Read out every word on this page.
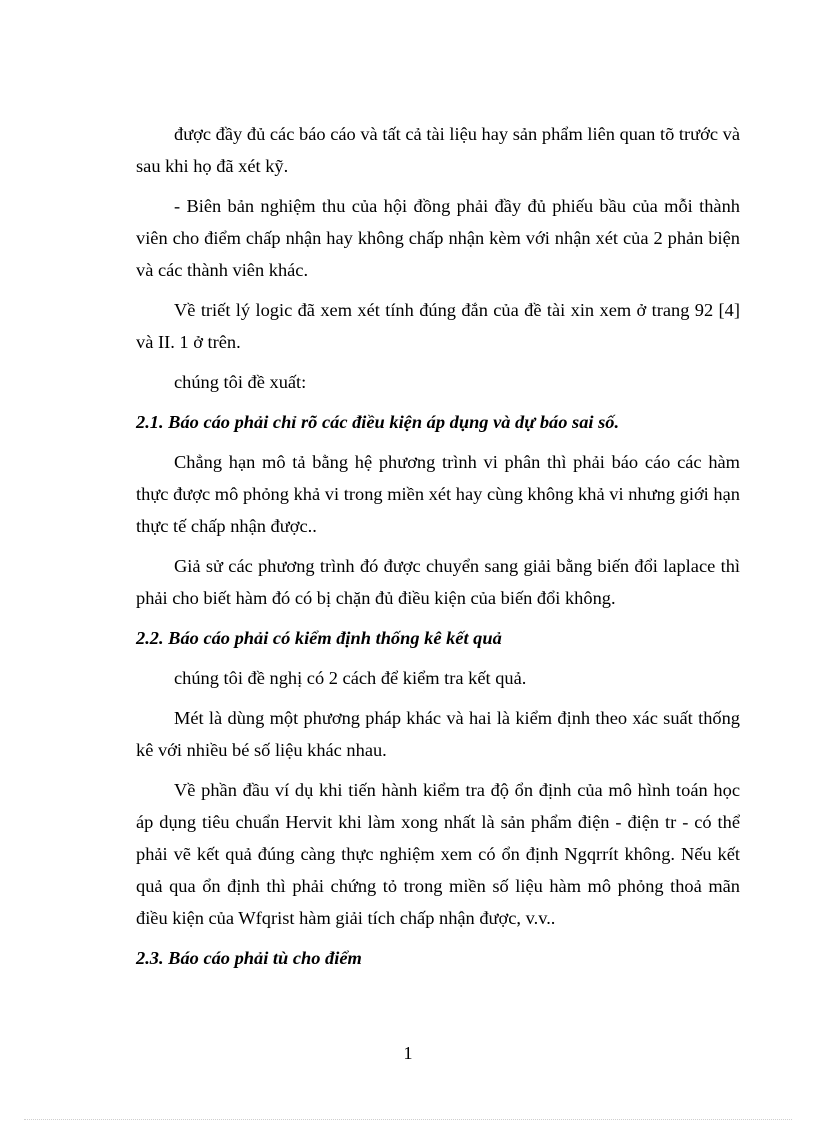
được đầy đủ các báo cáo và tất cả tài liệu hay sản phẩm liên quan tõ trước và sau khi họ đã xét kỹ.

- Biên bản nghiệm thu của hội đồng phải đầy đủ phiếu bầu của mỗi thành viên cho điểm chấp nhận hay không chấp nhận kèm với nhận xét của 2 phản biện và các thành viên khác.

Về triết lý logic đã xem xét tính đúng đắn của đề tài xin xem ở trang 92 [4] và II. 1 ở trên.

chúng tôi đề xuất:

2.1. Báo cáo phải chỉ rõ các điều kiện áp dụng và dự báo sai số.

Chẳng hạn mô tả bằng hệ phương trình vi phân thì phải báo cáo các hàm thực được mô phỏng khả vi trong miền xét hay cùng không khả vi nhưng giới hạn thực tế chấp nhận được..

Giả sử các phương trình đó được chuyển sang giải bằng biến đổi laplace thì phải cho biết hàm đó có bị chặn đủ điều kiện của biến đổi không.

2.2. Báo cáo phải có kiểm định thống kê kết quả

chúng tôi đề nghị có 2 cách để kiểm tra kết quả.

Mét là dùng một phương pháp khác và hai là kiểm định theo xác suất thống kê với nhiều bé số liệu khác nhau.

Về phần đầu ví dụ khi tiến hành kiểm tra độ ổn định của mô hình toán học áp dụng tiêu chuẩn Hervit khi làm xong nhất là sản phẩm điện - điện tr - có thể phải vẽ kết quả đúng càng thực nghiệm xem có ổn định Ngqrrít không. Nếu kết quả qua ổn định thì phải chứng tỏ trong miền số liệu hàm mô phỏng thoả mãn điều kiện của Wfqrist hàm giải tích chấp nhận được, v.v..

2.3. Báo cáo phải tù cho điểm

1
